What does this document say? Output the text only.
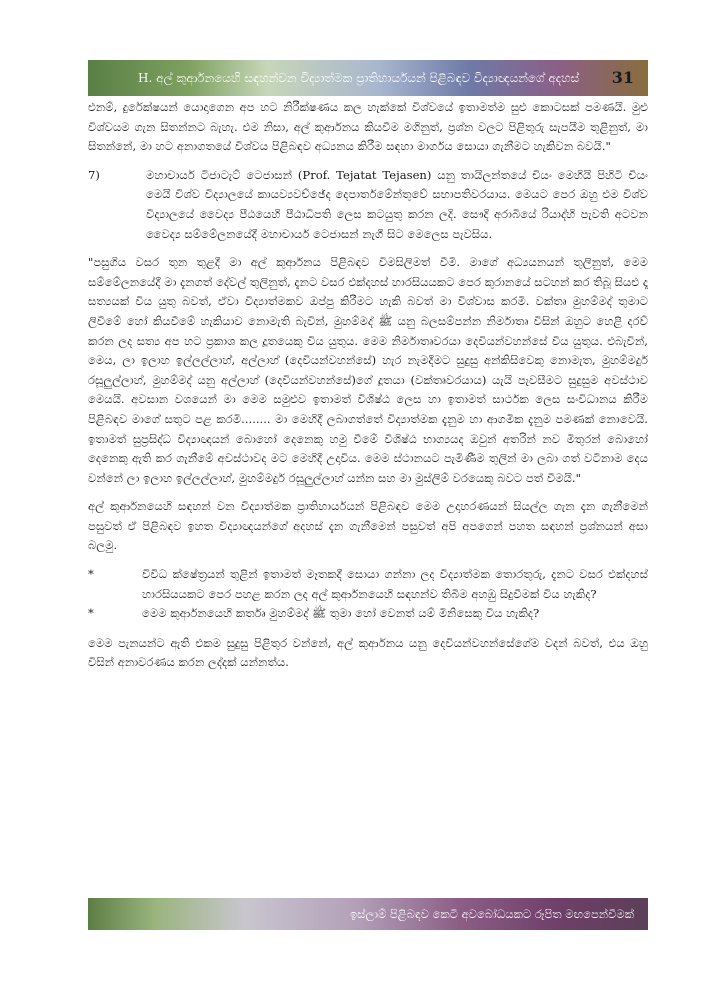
H. අල් කුර්ආනයෙහි සඳහන්වන විද්‍යාත්මක ප්‍රාතිහාර්යයන් පිළිබඳව විද්‍යාඥයන්ගේ අදහස් 31

එනම්, දුරේක්ෂයන් යොදාගෙන අප හට නිරීක්ෂණය කල හැක්කේ විශ්වයේ ඉතාමත්ම සුළු කොටසක් පමණයි. මුළු විශ්වයම ගැන සිතන්නට බැහැ. එම නිසා, අල් කුර්ආනය කියවීම මගිනුත්, ප්‍රශ්න වලට පිළිතුරු සැපයීම තුළිනුත්, මා සිතන්නේ, මා හට අනාගතයේ විශ්වය පිළිබඳව අධ්‍යනය කිරීම සඳහා මාර්ගය සොයා ගැනීමට හැකිවන බවයි."

7)	මහාචාර්ය ටිජාටැට් ටෙජාසන් (Prof. Tejatat Tejasen) යනු තායිලන්තයේ චියං මෙහියි පිහිටි චියං මෙයි විශ්ව විද්‍යාලයේ කායව්‍යවච්ඡේද දෙපාර්තමේන්තුවේ සභාපතිවරයාය. මෙයට පෙර ඔහු එම විශ්ව විද්‍යාලයේ වෛද්‍ය පීඨයෙහි පීඨාධිපති ලෙස කටයුතු කරන ලදි. සෞදි අරාබියේ රියාද්හි පැවති අටවන වෛද්‍ය සම්මේලනයේදී මහාචාර්ය ටෙජාසන් නැගී සිට මෙලෙස පැවසිය.

"පසුගිය වසර තුන තුළදී මා අල් කුර්ආනය පිළිබඳව විමසිලිමත් වීමි. මාගේ අධ්‍යයනයන් තුලිනුත්, මෙම සම්මේලනයේදී මා දැනගත් දේවල් තුලිනුත්, දැනට වසර එක්දහස් හාරසියයකට පෙර කුරානයේ සටහන් කර තිබූ සියළු දෑ සත්‍යයක් විය යුතු බවත්, ඒවා විද්‍යාත්මකව ඔප්පු කිරීමට හැකි බවත් මා විශ්වාස කරමි. වක්තෘ මුහම්මද් තුමාට ලිවීමේ හෝ කියවීමේ හැකියාව නොමැති බැවින්, මුහම්මද් ﷺ යනු බලසම්පන්න නිර්මාතෘ විසින් ඔහුට හෙළි දරව් කරන ලද සත්‍ය අප හට ප්‍රකාශ කල දූතයෙකු විය යුතුය. මෙම නිර්මාතෘවරයා දෙවියන්වහන්සේ විය යුතුය. එබැවින්, මෙය, ලා ඉලාහ ඉල්ලල්ලාහ්, අල්ලාහ් (දෙවියන්වහන්සේ) හැර නැමදීමට සුදුසු අන්කිසිවෙකු නොමැත, මුහම්මදුර් රසූලුල්ලාහ්, මුහම්මද් යනු අල්ලාහ් (දෙවියන්වහන්සේ)ගේ දූතයා (වක්තෘවරයාය) යැයි පැවසීමට සුදුසුම අවස්ථාව මෙයයි. අවසාන වශයෙන් මා මෙම සමුළුව ඉතාමත් විශිෂ්ඨ ලෙස හා ඉතාමත් සාර්ථක ලෙස සංවිධානය කිරීම පිළිබඳව මාගේ සතුට පළ කරමි........ මා මෙහිදී ලබාගත්තේ විද්‍යාත්මක දැනුම හා ආගමික දැනුම පමණක් නොවෙයි. ඉතාමත් සුප්‍රසිද්ධ විද්‍යාඥයන් බොහෝ දෙනෙකු හමු වීමේ විශිෂ්ඨ භාග්‍යයද ඔවුන් අතරින් නව මිතුරන් බොහෝ දෙනෙකු ඇති කර ගැනීමේ අවස්ථාවද මට මෙහිදී උදාවිය. මෙම ස්ථානයට පැමිණීම තුලින් මා ලබා ගත් වටිනාම දෙය වන්නේ ලා ඉලාහ ඉල්ලල්ලාහ්, මුහම්මදුර් රසූලුල්ලාහ් යන්න සහ මා මුස්ලිම් වරයෙකු බවට පත් වීමයි."

අල් කුර්ආනයෙහි සඳහන් වන විද්‍යාත්මක ප්‍රාතිහාර්යයන් පිළිබඳව මෙම උදාහරණයන් සියල්ල ගැන දැන ගැනීමෙන් පසුවත් ඒ පිළිබඳව ඉහත විද්‍යාඥයන්ගේ අදහස් දැන ගැනීමෙන් පසුවත් අපි අපගෙන් පහත සඳහන් ප්‍රශ්නයන් අසා බලමු.

*	විවිධ ක්ෂේත්‍රයන් තුළින් ඉතාමත් මෑතකදී සොයා ගන්නා ලද විද්‍යාත්මක තොරතුරු, දැනට වසර එක්දහස් හාරසියයකට පෙර පහළ කරන ලද අල් කුර්ආනයෙහි සඳහන්ව තිබීම අහඹු සිදුවීමක් විය හැකිද?
*	මෙම කුර්ආනයෙහි කර්තෘ මුහම්මද් ﷺ තුමා හෝ වෙනත් යම් මිනිසෙකු විය හැකිද?

මෙම පැනයන්ට ඇති එකම සුදුසු පිළිතුර වන්නේ, අල් කුර්ආනය යනු දෙවියන්වහන්සේගේම වදන් බවත්, එය ඔහු විසින් අනාවරණය කරන ලද්දක් යන්නත්ය.

ඉස්ලාම් පිළිබඳව කෙටි අවබෝධයකට රූපිත මඟපෙන්වීමක්
